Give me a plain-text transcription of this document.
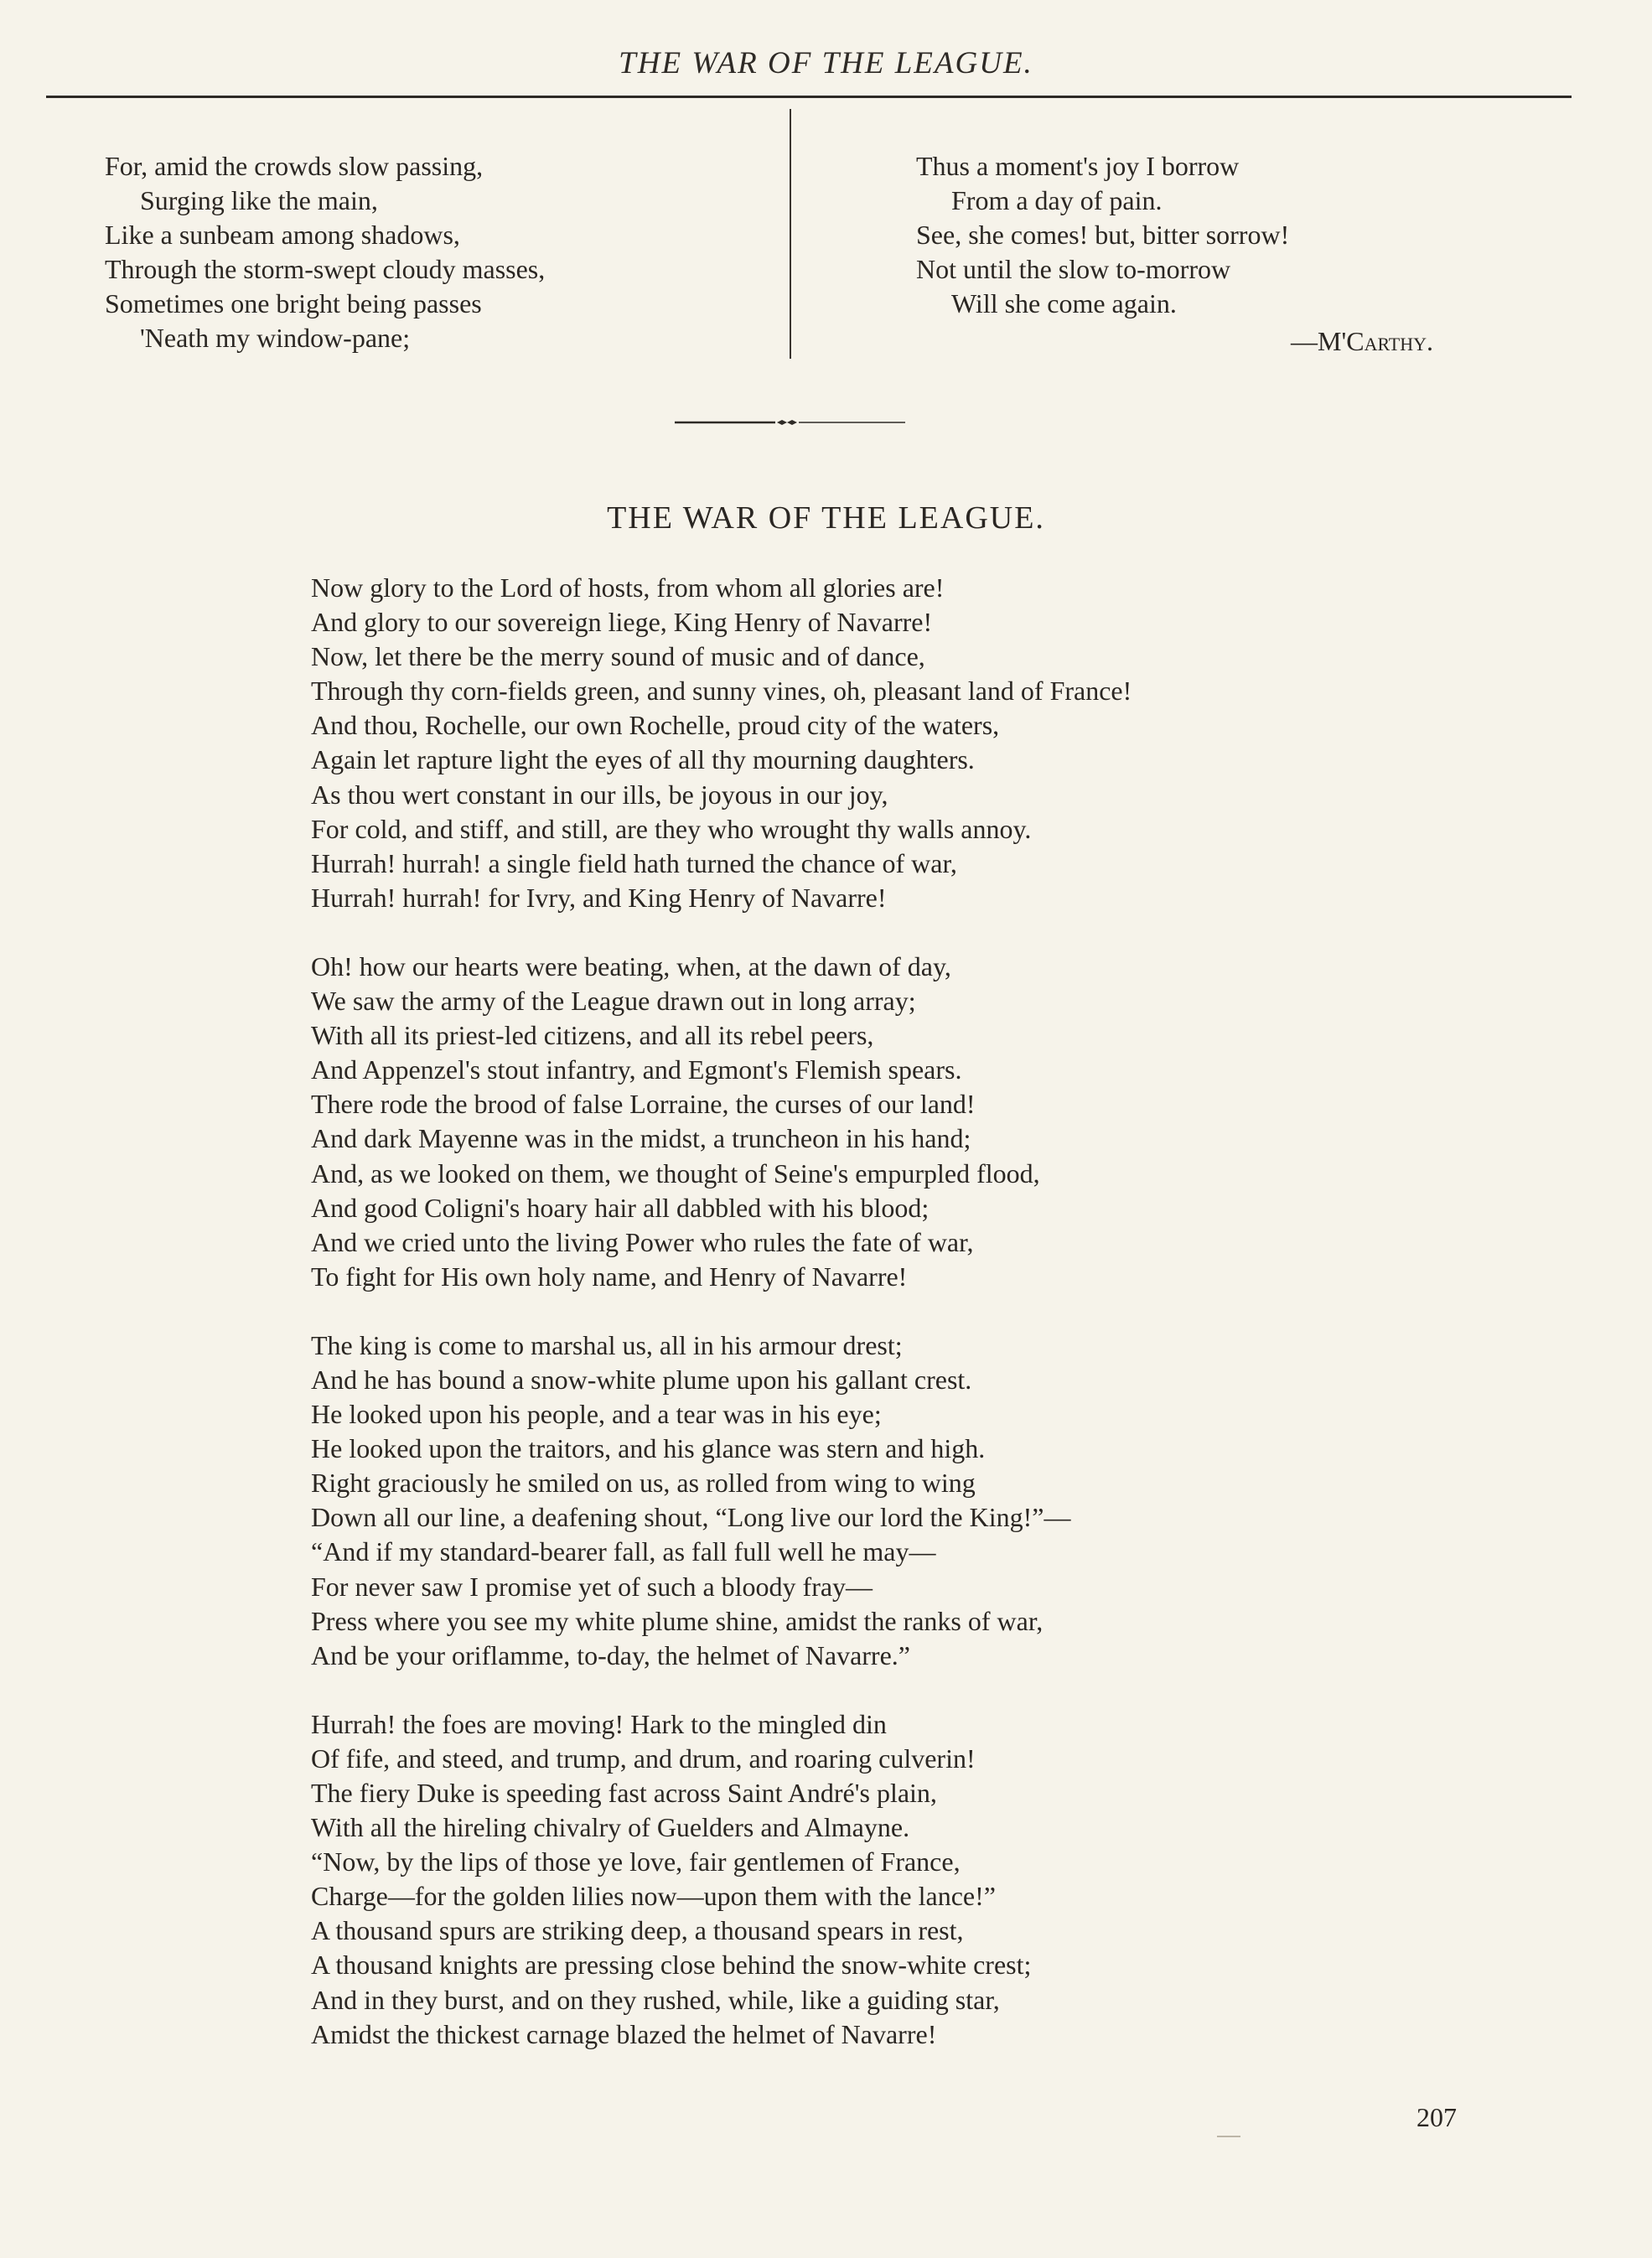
THE WAR OF THE LEAGUE.
For, amid the crowds slow passing,
Surging like the main,
Like a sunbeam among shadows,
Through the storm-swept cloudy masses,
Sometimes one bright being passes
'Neath my window-pane;
Thus a moment's joy I borrow
From a day of pain.
See, she comes! but, bitter sorrow!
Not until the slow to-morrow
Will she come again.
—M'Carthy.
THE WAR OF THE LEAGUE.
Now glory to the Lord of hosts, from whom all glories are!
And glory to our sovereign liege, King Henry of Navarre!
Now, let there be the merry sound of music and of dance,
Through thy corn-fields green, and sunny vines, oh, pleasant land of France!
And thou, Rochelle, our own Rochelle, proud city of the waters,
Again let rapture light the eyes of all thy mourning daughters.
As thou wert constant in our ills, be joyous in our joy,
For cold, and stiff, and still, are they who wrought thy walls annoy.
Hurrah! hurrah! a single field hath turned the chance of war,
Hurrah! hurrah! for Ivry, and King Henry of Navarre!
Oh! how our hearts were beating, when, at the dawn of day,
We saw the army of the League drawn out in long array;
With all its priest-led citizens, and all its rebel peers,
And Appenzel's stout infantry, and Egmont's Flemish spears.
There rode the brood of false Lorraine, the curses of our land!
And dark Mayenne was in the midst, a truncheon in his hand;
And, as we looked on them, we thought of Seine's empurpled flood,
And good Coligni's hoary hair all dabbled with his blood;
And we cried unto the living Power who rules the fate of war,
To fight for His own holy name, and Henry of Navarre!
The king is come to marshal us, all in his armour drest;
And he has bound a snow-white plume upon his gallant crest.
He looked upon his people, and a tear was in his eye;
He looked upon the traitors, and his glance was stern and high.
Right graciously he smiled on us, as rolled from wing to wing
Down all our line, a deafening shout, “Long live our lord the King!”—
“And if my standard-bearer fall, as fall full well he may—
For never saw I promise yet of such a bloody fray—
Press where you see my white plume shine, amidst the ranks of war,
And be your oriflamme, to-day, the helmet of Navarre.”
Hurrah! the foes are moving! Hark to the mingled din
Of fife, and steed, and trump, and drum, and roaring culverin!
The fiery Duke is speeding fast across Saint André's plain,
With all the hireling chivalry of Guelders and Almayne.
“Now, by the lips of those ye love, fair gentlemen of France,
Charge—for the golden lilies now—upon them with the lance!”
A thousand spurs are striking deep, a thousand spears in rest,
A thousand knights are pressing close behind the snow-white crest;
And in they burst, and on they rushed, while, like a guiding star,
Amidst the thickest carnage blazed the helmet of Navarre!
207
